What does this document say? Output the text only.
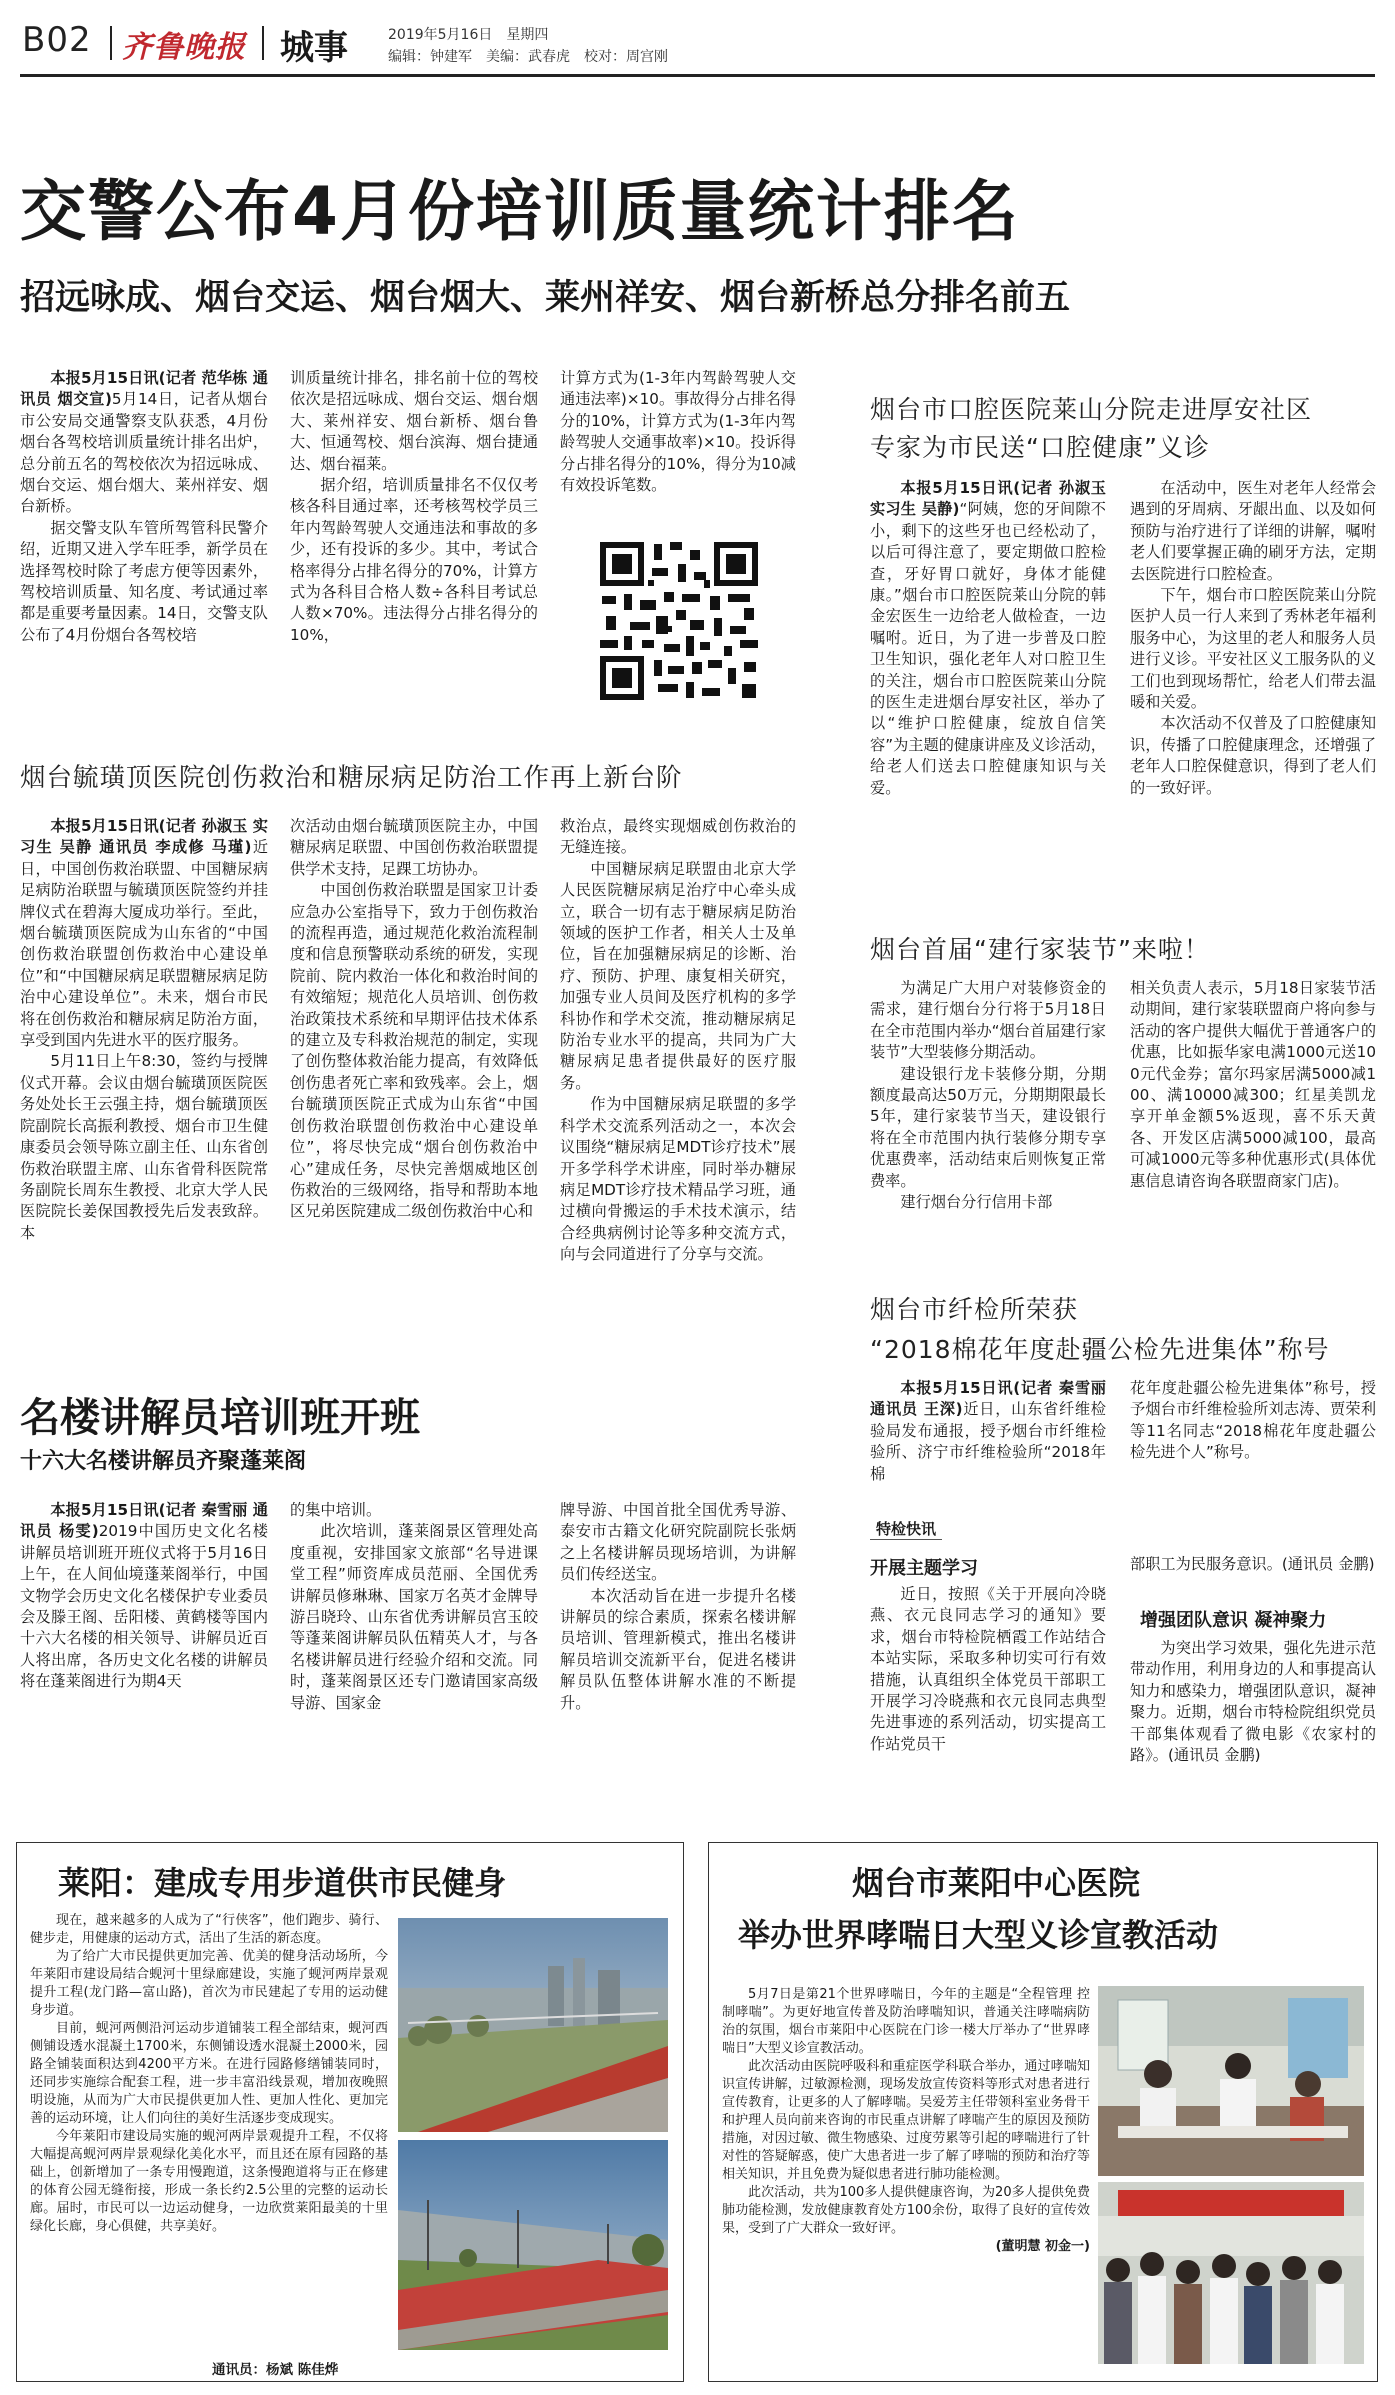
B02 齐鲁晚报 城事	2019年5月16日　 星期四
编辑：钟建军　 美编：武春虎　 校对：周宫刚
交警公布4月份培训质量统计排名
招远咏成、烟台交运、烟台烟大、莱州祥安、烟台新桥总分排名前五

本报5月15日讯(记者 范华栋 通讯员 烟交宣)5月14日，记者从烟台市公安局交通警察支队获悉，4月份烟台各驾校培训质量统计排名出炉，总分前五名的驾校依次为招远咏成、烟台交运、烟台烟大、莱州祥安、烟台新桥。

据交警支队车管所驾管科民警介绍，近期又进入学车旺季，新学员在选择驾校时除了考虑方便等因素外，驾校培训质量、知名度、考试通过率都是重要考量因素。14日，交警支队公布了4月份烟台各驾校培

训质量统计排名，排名前十位的驾校依次是招远咏成、烟台交运、烟台烟大、莱州祥安、烟台新桥、烟台鲁大、恒通驾校、烟台滨海、烟台捷通达、烟台福莱。

据介绍，培训质量排名不仅仅考核各科目通过率，还考核驾校学员三年内驾龄驾驶人交通违法和事故的多少，还有投诉的多少。其中，考试合格率得分占排名得分的70%，计算方式为各科目合格人数÷各科目考试总人数×70%。违法得分占排名得分的10%，

计算方式为(1-3年内驾龄驾驶人交通违法率)×10。事故得分占排名得分的10%，计算方式为(1-3年内驾龄驾驶人交通事故率)×10。投诉得分占排名得分的10%，得分为10减有效投诉笔数。

烟台毓璜顶医院创伤救治和糖尿病足防治工作再上新台阶

本报5月15日讯(记者 孙淑玉 实习生 吴静 通讯员 李成修 马瑾)近日，中国创伤救治联盟、中国糖尿病足病防治联盟与毓璜顶医院签约并挂牌仪式在碧海大厦成功举行。至此，烟台毓璜顶医院成为山东省的“中国创伤救治联盟创伤救治中心建设单位”和“中国糖尿病足联盟糖尿病足防治中心建设单位”。未来，烟台市民将在创伤救治和糖尿病足防治方面，享受到国内先进水平的医疗服务。

5月11日上午8:30，签约与授牌仪式开幕。会议由烟台毓璜顶医院医务处处长王云强主持，烟台毓璜顶医院副院长高振利教授、烟台市卫生健康委员会领导陈立副主任、山东省创伤救治联盟主席、山东省骨科医院常务副院长周东生教授、北京大学人民医院院长姜保国教授先后发表致辞。本

次活动由烟台毓璜顶医院主办，中国糖尿病足联盟、中国创伤救治联盟提供学术支持，足踝工坊协办。

中国创伤救治联盟是国家卫计委应急办公室指导下，致力于创伤救治的流程再造，通过规范化救治流程制度和信息预警联动系统的研发，实现院前、院内救治一体化和救治时间的有效缩短；规范化人员培训、创伤救治政策技术系统和早期评估技术体系的建立及专科救治规范的制定，实现了创伤整体救治能力提高，有效降低创伤患者死亡率和致残率。会上，烟台毓璜顶医院正式成为山东省“中国创伤救治联盟创伤救治中心建设单位”，将尽快完成“烟台创伤救治中心”建成任务，尽快完善烟威地区创伤救治的三级网络，指导和帮助本地区兄弟医院建成二级创伤救治中心和

救治点，最终实现烟威创伤救治的无缝连接。

中国糖尿病足联盟由北京大学人民医院糖尿病足治疗中心牵头成立，联合一切有志于糖尿病足防治领域的医护工作者，相关人士及单位，旨在加强糖尿病足的诊断、治疗、预防、护理、康复相关研究，加强专业人员间及医疗机构的多学科协作和学术交流，推动糖尿病足防治专业水平的提高，共同为广大糖尿病足患者提供最好的医疗服务。

作为中国糖尿病足联盟的多学科学术交流系列活动之一，本次会议围绕“糖尿病足MDT诊疗技术”展开多学科学术讲座，同时举办糖尿病足MDT诊疗技术精品学习班，通过横向骨搬运的手术技术演示，结合经典病例讨论等多种交流方式，向与会同道进行了分享与交流。

名楼讲解员培训班开班
十六大名楼讲解员齐聚蓬莱阁

本报5月15日讯(记者 秦雪丽 通讯员 杨雯)2019中国历史文化名楼讲解员培训班开班仪式将于5月16日上午，在人间仙境蓬莱阁举行，中国文物学会历史文化名楼保护专业委员会及滕王阁、岳阳楼、黄鹤楼等国内十六大名楼的相关领导、讲解员近百人将出席，各历史文化名楼的讲解员将在蓬莱阁进行为期4天

的集中培训。

此次培训，蓬莱阁景区管理处高度重视，安排国家文旅部“名导进课堂工程”师资库成员范丽、全国优秀讲解员修琳琳、国家万名英才金牌导游吕晓玲、山东省优秀讲解员宫玉皎等蓬莱阁讲解员队伍精英人才，与各名楼讲解员进行经验介绍和交流。同时，蓬莱阁景区还专门邀请国家高级导游、国家金

牌导游、中国首批全国优秀导游、泰安市古籍文化研究院副院长张炳之上名楼讲解员现场培训，为讲解员们传经送宝。

本次活动旨在进一步提升名楼讲解员的综合素质，探索名楼讲解员培训、管理新模式，推出名楼讲解员培训交流新平台，促进名楼讲解员队伍整体讲解水准的不断提升。

烟台市口腔医院莱山分院走进厚安社区
专家为市民送“口腔健康”义诊

本报5月15日讯(记者 孙淑玉 实习生 吴静)“阿姨，您的牙间隙不小，剩下的这些牙也已经松动了，以后可得注意了，要定期做口腔检查，牙好胃口就好，身体才能健康。”烟台市口腔医院莱山分院的韩金宏医生一边给老人做检查，一边嘱咐。近日，为了进一步普及口腔卫生知识，强化老年人对口腔卫生的关注，烟台市口腔医院莱山分院的医生走进烟台厚安社区，举办了以“维护口腔健康，绽放自信笑容”为主题的健康讲座及义诊活动，给老人们送去口腔健康知识与关爱。

在活动中，医生对老年人经常会遇到的牙周病、牙龈出血、以及如何预防与治疗进行了详细的讲解，嘱咐老人们要掌握正确的刷牙方法，定期去医院进行口腔检查。

下午，烟台市口腔医院莱山分院医护人员一行人来到了秀林老年福利服务中心，为这里的老人和服务人员进行义诊。平安社区义工服务队的义工们也到现场帮忙，给老人们带去温暖和关爱。

本次活动不仅普及了口腔健康知识，传播了口腔健康理念，还增强了老年人口腔保健意识，得到了老人们的一致好评。

烟台首届“建行家装节”来啦！

为满足广大用户对装修资金的需求，建行烟台分行将于5月18日在全市范围内举办“烟台首届建行家装节”大型装修分期活动。

建设银行龙卡装修分期，分期额度最高达50万元，分期期限最长5年，建行家装节当天，建设银行将在全市范围内执行装修分期专享优惠费率，活动结束后则恢复正常费率。

建行烟台分行信用卡部

相关负责人表示，5月18日家装节活动期间，建行家装联盟商户将向参与活动的客户提供大幅优于普通客户的优惠，比如振华家电满1000元送100元代金券；富尔玛家居满5000减100、满10000减300；红星美凯龙享开单金额5%返现，喜不乐天黄各、开发区店满5000减100，最高可减1000元等多种优惠形式(具体优惠信息请咨询各联盟商家门店)。

烟台市纤检所荣获
“2018棉花年度赴疆公检先进集体”称号

本报5月15日讯(记者 秦雪丽 通讯员 王深)近日，山东省纤维检验局发布通报，授予烟台市纤维检验所、济宁市纤维检验所“2018年棉

花年度赴疆公检先进集体”称号，授予烟台市纤维检验所刘志涛、贾荣利等11名同志“2018棉花年度赴疆公检先进个人”称号。

特检快讯
开展主题学习

近日，按照《关于开展向冷晓燕、衣元良同志学习的通知》要求，烟台市特检院栖霞工作站结合本站实际，采取多种切实可行有效措施，认真组织全体党员干部职工开展学习冷晓燕和衣元良同志典型先进事迹的系列活动，切实提高工作站党员干

部职工为民服务意识。(通讯员 金鹏)

增强团队意识 凝神聚力

为突出学习效果，强化先进示范带动作用，利用身边的人和事提高认知力和感染力，增强团队意识，凝神聚力。近期，烟台市特检院组织党员干部集体观看了微电影《农家村的路》。(通讯员 金鹏)

莱阳：建成专用步道供市民健身

现在，越来越多的人成为了“行侠客”，他们跑步、骑行、健步走，用健康的运动方式，活出了生活的新态度。

为了给广大市民提供更加完善、优美的健身活动场所，今年莱阳市建设局结合蚬河十里绿廊建设，实施了蚬河两岸景观提升工程(龙门路—富山路)，首次为市民建起了专用的运动健身步道。

目前，蚬河两侧沿河运动步道铺装工程全部结束，蚬河西侧铺设透水混凝土1700米，东侧铺设透水混凝土2000米，园路全铺装面积达到4200平方米。在进行园路修缮铺装同时，还同步实施综合配套工程，进一步丰富沿线景观，增加夜晚照明设施，从而为广大市民提供更加人性、更加人性化、更加完善的运动环境，让人们向往的美好生活逐步变成现实。

今年莱阳市建设局实施的蚬河两岸景观提升工程，不仅将大幅提高蚬河两岸景观绿化美化水平，而且还在原有园路的基础上，创新增加了一条专用慢跑道，这条慢跑道将与正在修建的体育公园无缝衔接，形成一条长约2.5公里的完整的运动长廊。届时，市民可以一边运动健身，一边欣赏莱阳最美的十里绿化长廊，身心俱健，共享美好。

通讯员：杨斌 陈佳烨
烟台市莱阳中心医院
举办世界哮喘日大型义诊宣教活动

5月7日是第21个世界哮喘日，今年的主题是“全程管理 控制哮喘”。为更好地宣传普及防治哮喘知识，普通关注哮喘病防治的氛围，烟台市莱阳中心医院在门诊一楼大厅举办了“世界哮喘日”大型义诊宣教活动。

此次活动由医院呼吸科和重症医学科联合举办，通过哮喘知识宣传讲解，过敏源检测，现场发放宣传资料等形式对患者进行宣传教育，让更多的人了解哮喘。吴爱芳主任带领科室业务骨干和护理人员向前来咨询的市民重点讲解了哮喘产生的原因及预防措施，对因过敏、微生物感染、过度劳累等引起的哮喘进行了针对性的答疑解惑，使广大患者进一步了解了哮喘的预防和治疗等相关知识，并且免费为疑似患者进行肺功能检测。

此次活动，共为100多人提供健康咨询，为20多人提供免费肺功能检测，发放健康教育处方100余份，取得了良好的宣传效果，受到了广大群众一致好评。

(董明慧 初金一)
